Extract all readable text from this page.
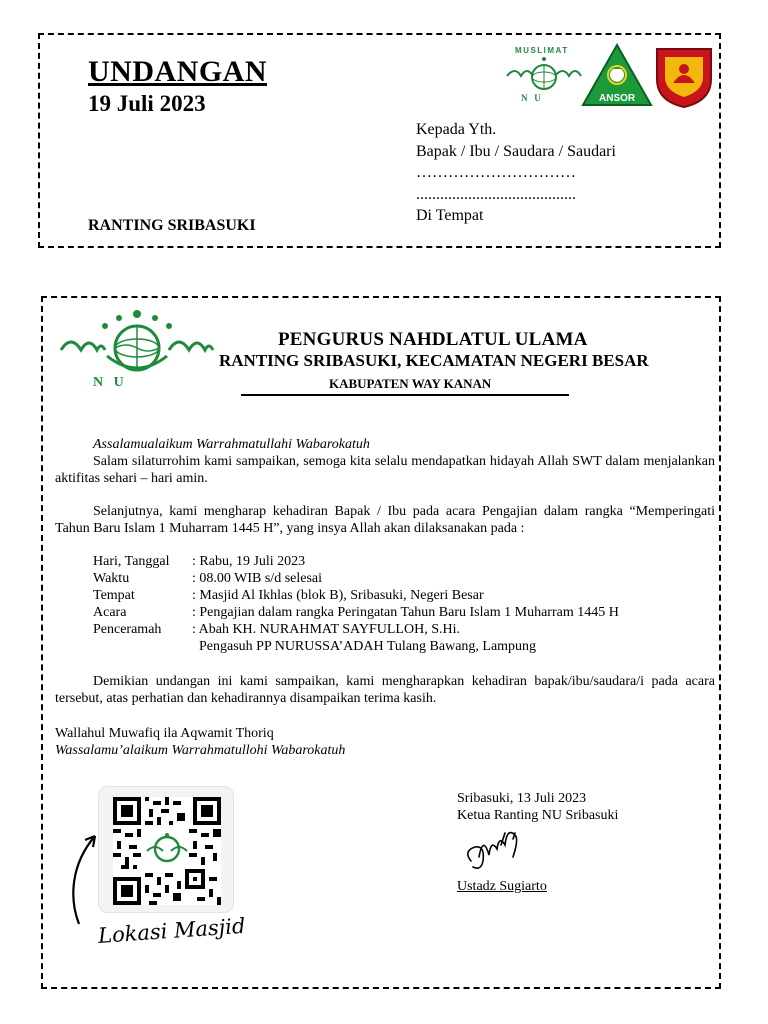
UNDANGAN
19 Juli 2023
MUSLIMAT
N   U	ANSOR
Kepada Yth.
Bapak / Ibu / Saudara / Saudari
…………………………
........................................
Di Tempat
RANTING SRIBASUKI
N   U
PENGURUS NAHDLATUL ULAMA
RANTING SRIBASUKI, KECAMATAN NEGERI BESAR
KABUPATEN WAY KANAN

Assalamualaikum Warrahmatullahi Wabarokatuh

Salam silaturrohim kami sampaikan, semoga kita selalu mendapatkan hidayah Allah SWT dalam menjalankan aktifitas sehari – hari amin.

Selanjutnya, kami mengharap kehadiran Bapak / Ibu pada acara Pengajian dalam rangka “Memperingati Tahun Baru Islam 1 Muharram 1445 H”, yang insya Allah akan dilaksanakan pada :

Hari, Tanggal	: Rabu, 19 Juli 2023
Waktu	: 08.00 WIB s/d selesai
Tempat	: Masjid Al Ikhlas (blok B), Sribasuki, Negeri Besar
Acara	: Pengajian dalam rangka Peringatan Tahun Baru Islam 1 Muharram 1445 H
Penceramah	: Abah KH. NURAHMAT SAYFULLOH, S.Hi.
Pengasuh PP NURUSSA’ADAH Tulang Bawang, Lampung

Demikian undangan ini kami sampaikan, kami mengharapkan kehadiran bapak/ibu/saudara/i pada acara tersebut, atas perhatian dan kehadirannya disampaikan terima kasih.

Wallahul Muwafiq ila Aqwamit Thoriq

Wassalamu’alaikum Warrahmatullohi Wabarokatuh

Lokasi Masjid
Sribasuki, 13 Juli 2023
Ketua Ranting NU Sribasuki
Ustadz Sugiarto
